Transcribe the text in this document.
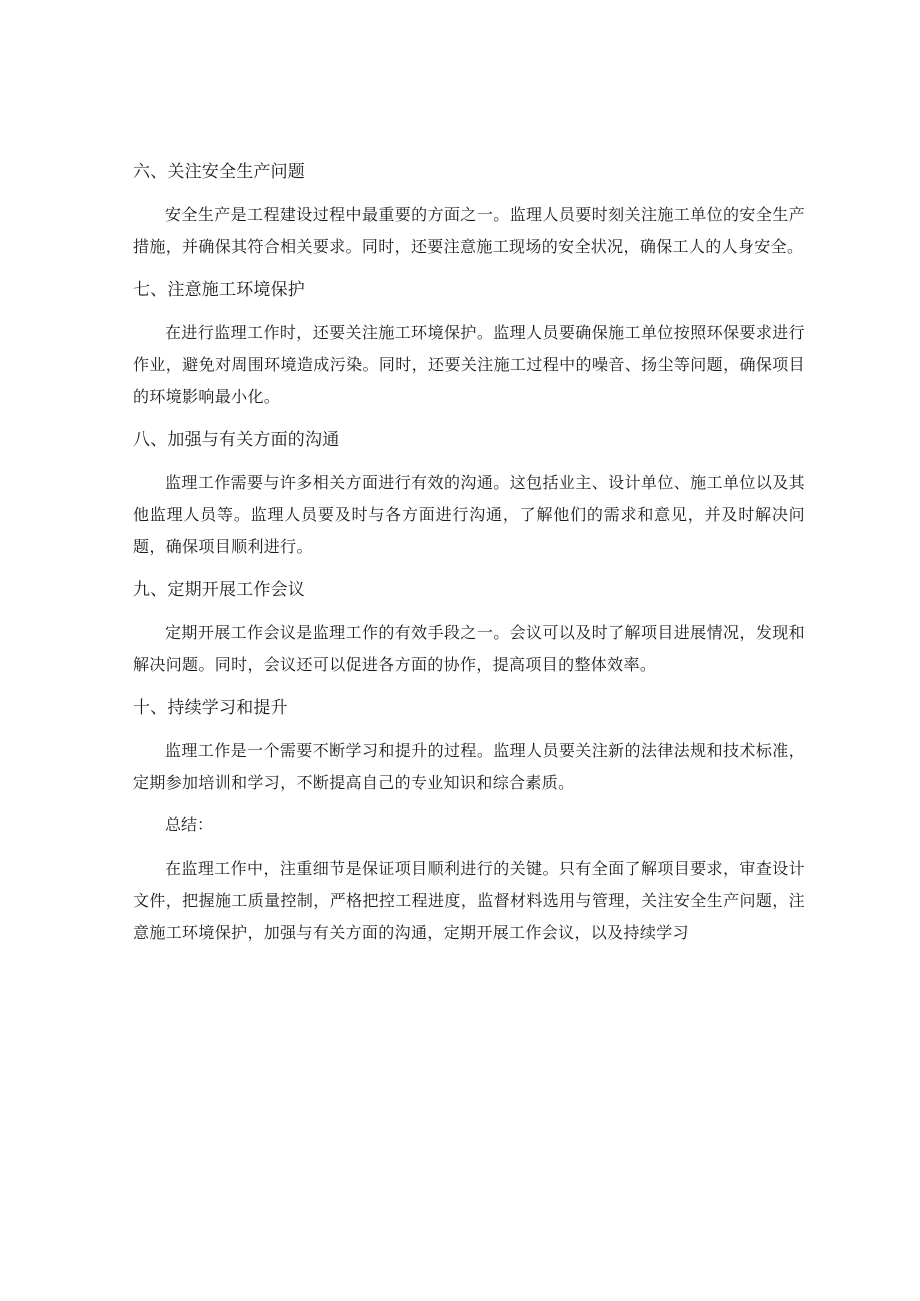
六、关注安全生产问题

安全生产是工程建设过程中最重要的方面之一。监理人员要时刻关注施工单位的安全生产措施，并确保其符合相关要求。同时，还要注意施工现场的安全状况，确保工人的人身安全。

七、注意施工环境保护

在进行监理工作时，还要关注施工环境保护。监理人员要确保施工单位按照环保要求进行作业，避免对周围环境造成污染。同时，还要关注施工过程中的噪音、扬尘等问题，确保项目的环境影响最小化。

八、加强与有关方面的沟通

监理工作需要与许多相关方面进行有效的沟通。这包括业主、设计单位、施工单位以及其他监理人员等。监理人员要及时与各方面进行沟通，了解他们的需求和意见，并及时解决问题，确保项目顺利进行。

九、定期开展工作会议

定期开展工作会议是监理工作的有效手段之一。会议可以及时了解项目进展情况，发现和解决问题。同时，会议还可以促进各方面的协作，提高项目的整体效率。

十、持续学习和提升

监理工作是一个需要不断学习和提升的过程。监理人员要关注新的法律法规和技术标准，定期参加培训和学习，不断提高自己的专业知识和综合素质。

总结：

在监理工作中，注重细节是保证项目顺利进行的关键。只有全面了解项目要求，审查设计文件，把握施工质量控制，严格把控工程进度，监督材料选用与管理，关注安全生产问题，注意施工环境保护，加强与有关方面的沟通，定期开展工作会议，以及持续学习
